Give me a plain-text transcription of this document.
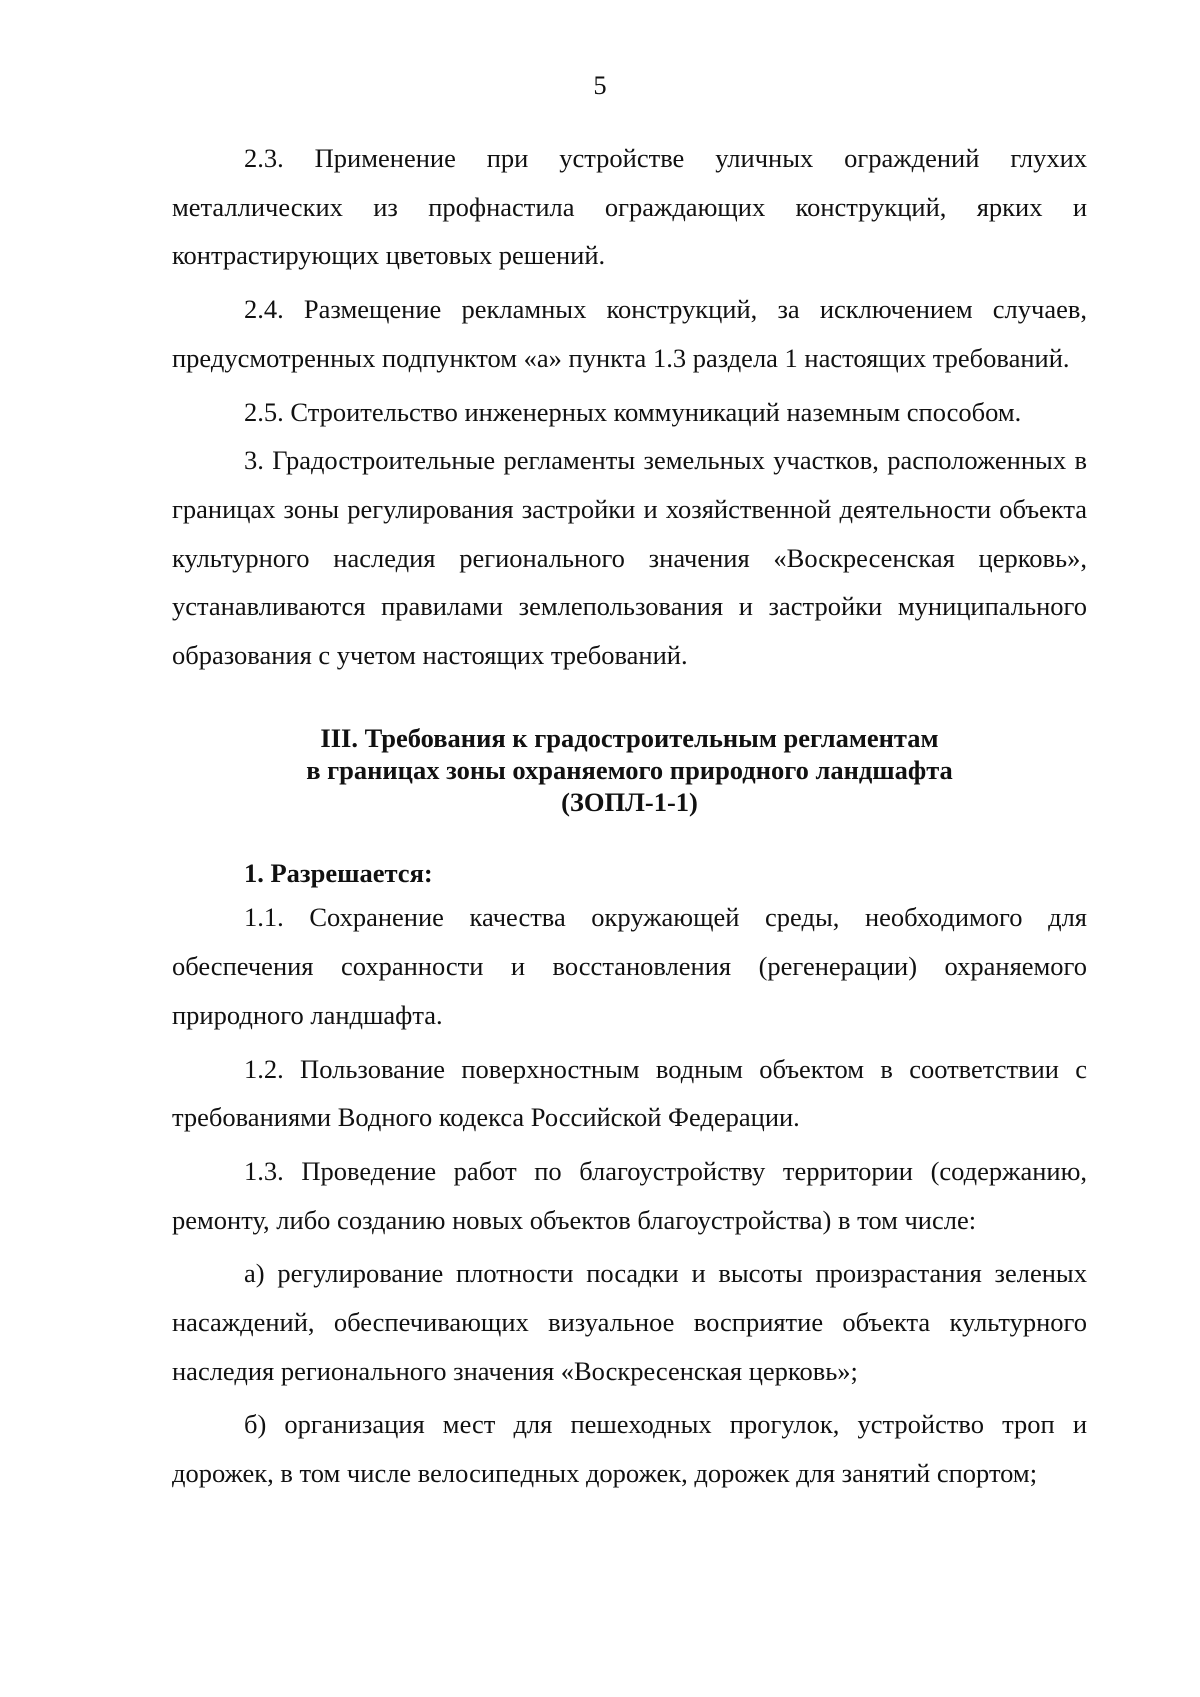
5

2.3. Применение при устройстве уличных ограждений глухих металлических из профнастила ограждающих конструкций, ярких и контрастирующих цветовых решений.

2.4. Размещение рекламных конструкций, за исключением случаев, предусмотренных подпунктом «а» пункта 1.3 раздела 1 настоящих требований.

2.5. Строительство инженерных коммуникаций наземным способом.

3. Градостроительные регламенты земельных участков, расположенных в границах зоны регулирования застройки и хозяйственной деятельности объекта культурного наследия регионального значения «Воскресенская церковь», устанавливаются правилами землепользования и застройки муниципального образования с учетом настоящих требований.

III. Требования к градостроительным регламентам
в границах зоны охраняемого природного ландшафта
(ЗОПЛ-1-1)

1. Разрешается:

1.1. Сохранение качества окружающей среды, необходимого для обеспечения сохранности и восстановления (регенерации) охраняемого природного ландшафта.

1.2. Пользование поверхностным водным объектом в соответствии с требованиями Водного кодекса Российской Федерации.

1.3. Проведение работ по благоустройству территории (содержанию, ремонту, либо созданию новых объектов благоустройства) в том числе:

а) регулирование плотности посадки и высоты произрастания зеленых насаждений, обеспечивающих визуальное восприятие объекта культурного наследия регионального значения «Воскресенская церковь»;

б) организация мест для пешеходных прогулок, устройство троп и дорожек, в том числе велосипедных дорожек, дорожек для занятий спортом;
